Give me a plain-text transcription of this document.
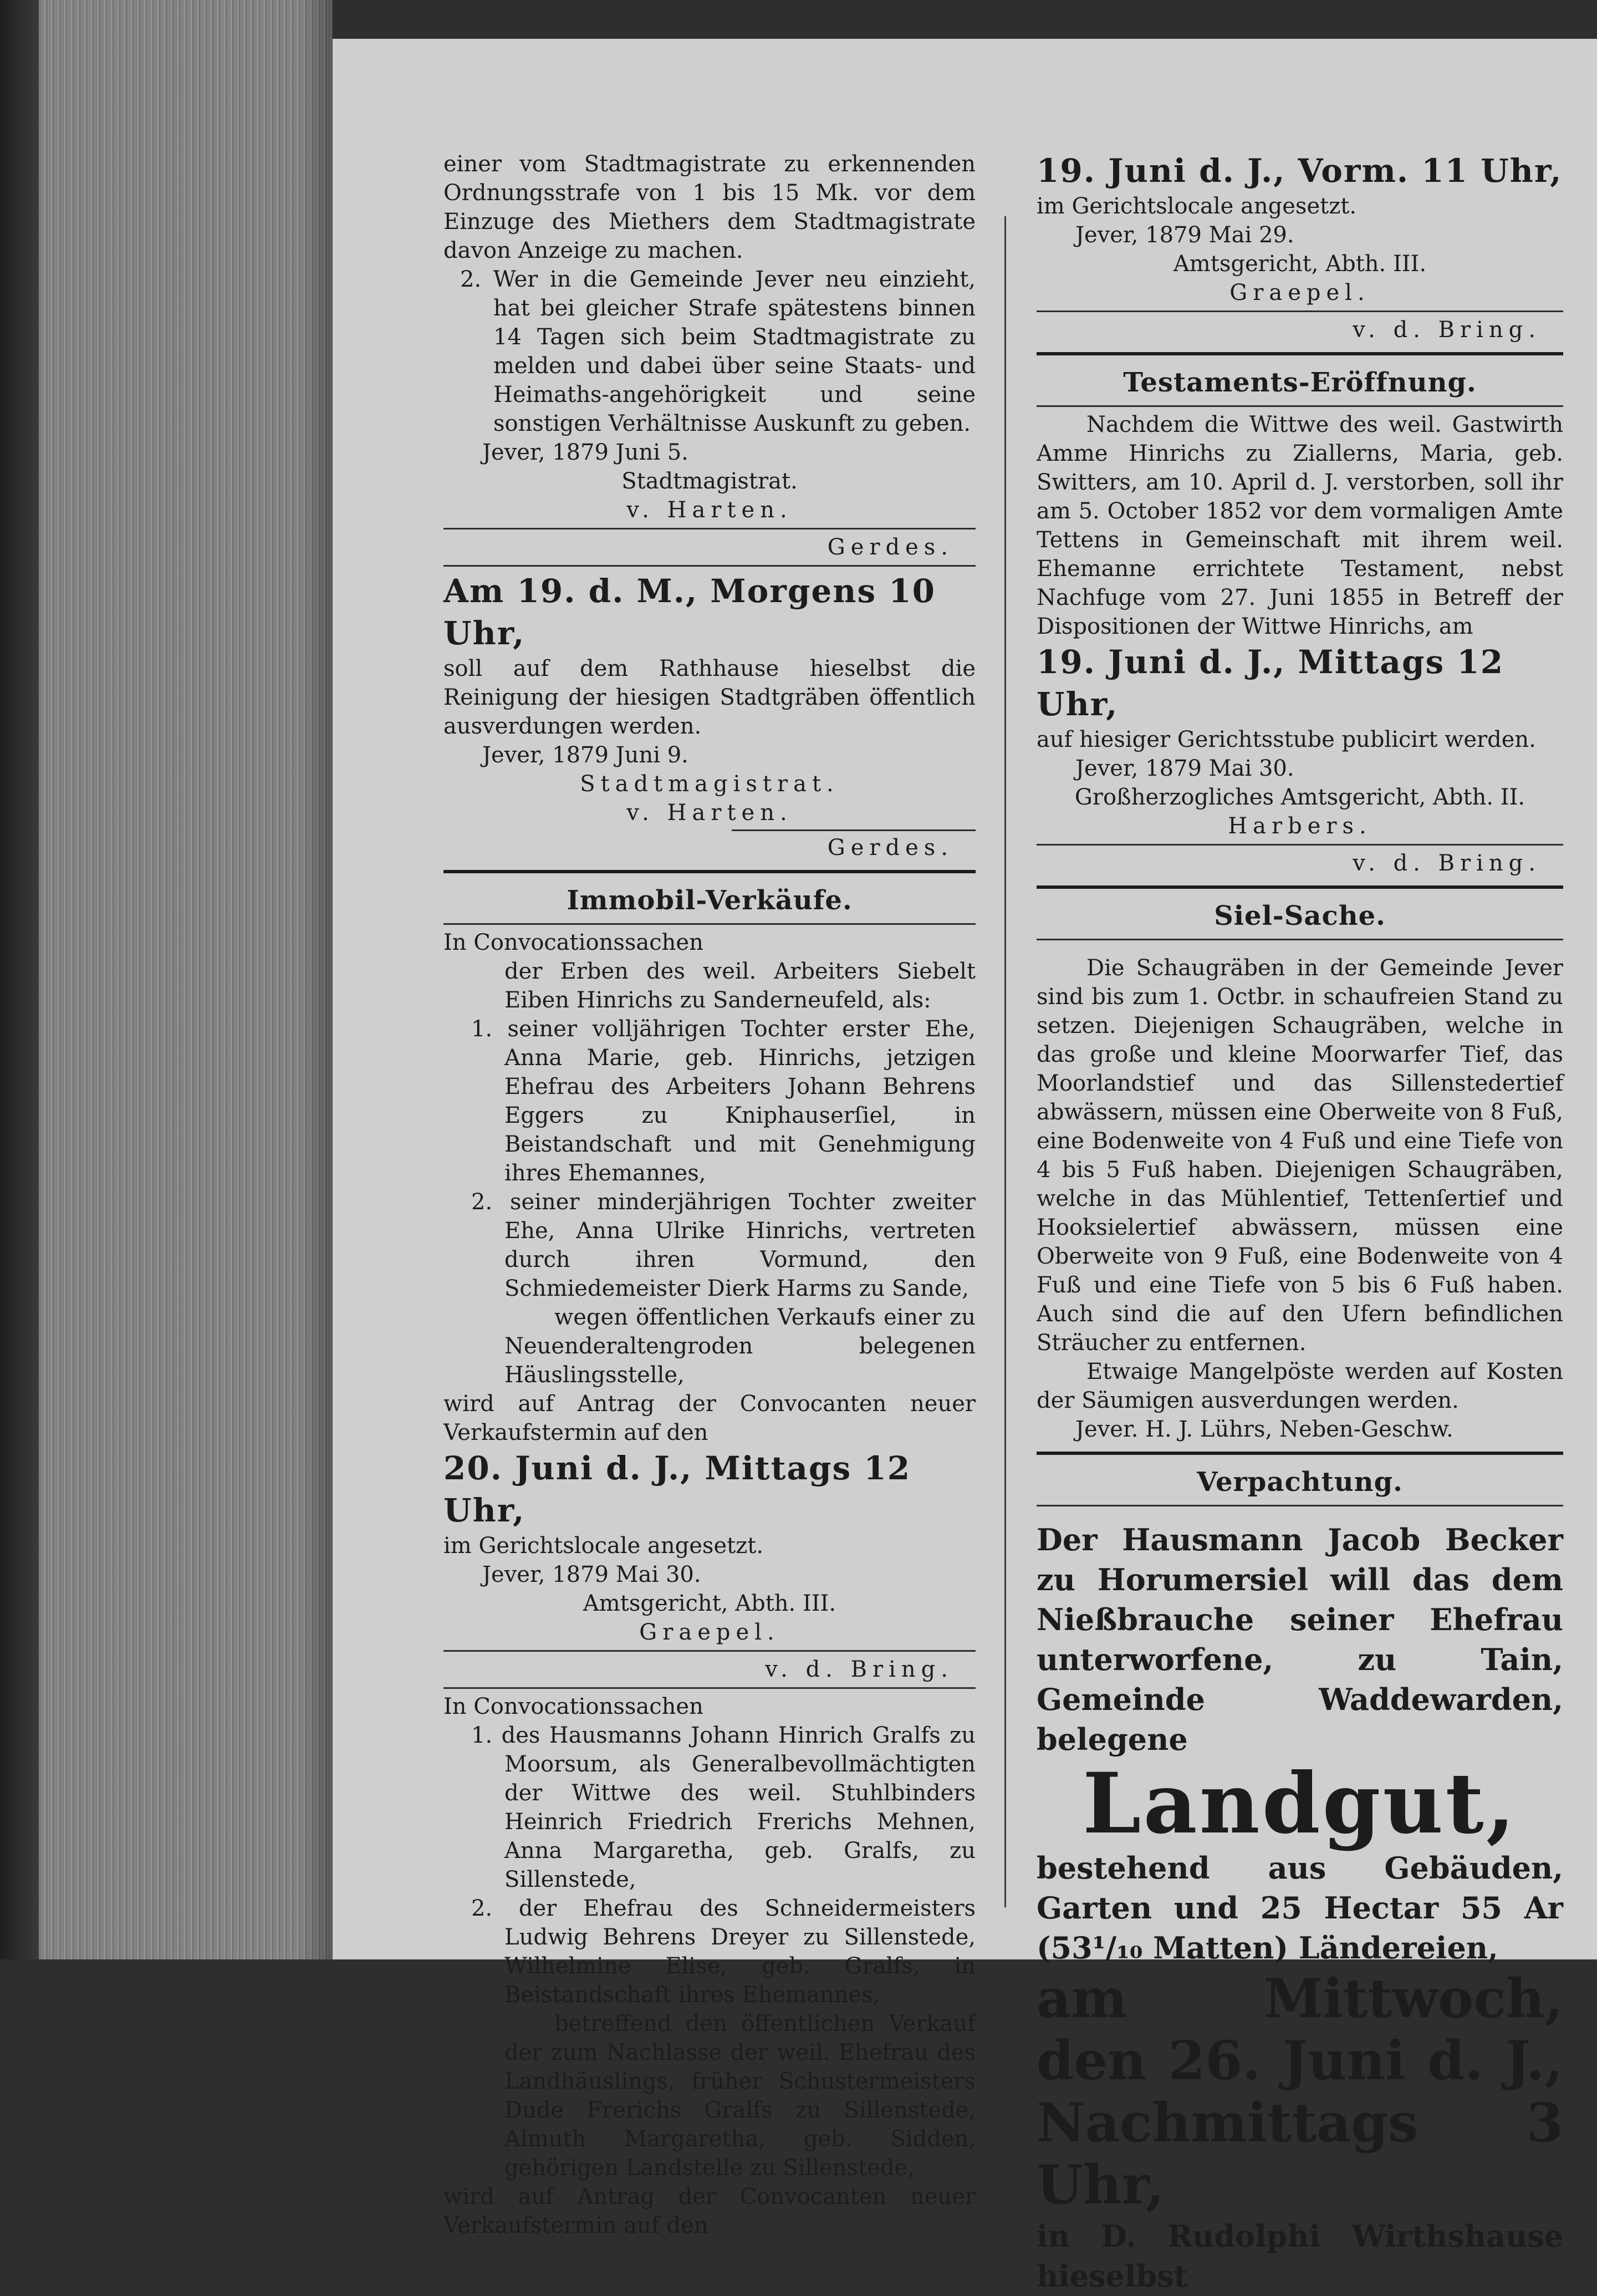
einer vom Stadtmagistrate zu erkennenden Ordnungsstrafe von 1 bis 15 Mk. vor dem Einzuge des Miethers dem Stadtmagistrate davon Anzeige zu machen.

2. Wer in die Gemeinde Jever neu einzieht, hat bei gleicher Strafe spätestens binnen 14 Tagen sich beim Stadtmagistrate zu melden und dabei über seine Staats- und Heimaths-angehörigkeit und seine sonstigen Verhältnisse Auskunft zu geben.

Jever, 1879 Juni 5.

Stadtmagistrat.

v. Harten.

Gerdes.

Am 19. d. M., Morgens 10 Uhr,

soll auf dem Rathhause hieselbst die Reinigung der hiesigen Stadtgräben öffentlich ausverdungen werden.

Jever, 1879 Juni 9.

Stadtmagistrat.

v. Harten.

Gerdes.

Immobil-Verkäufe.

In Convocationssachen

der Erben des weil. Arbeiters Siebelt Eiben Hinrichs zu Sanderneufeld, als:

1. seiner volljährigen Tochter erster Ehe, Anna Marie, geb. Hinrichs, jetzigen Ehefrau des Arbeiters Johann Behrens Eggers zu Kniphauserſiel, in Beistandschaft und mit Genehmigung ihres Ehemannes,

2. seiner minderjährigen Tochter zweiter Ehe, Anna Ulrike Hinrichs, vertreten durch ihren Vormund, den Schmiedemeister Dierk Harms zu Sande,

wegen öffentlichen Verkaufs einer zu Neuenderaltengroden belegenen Häuslingsstelle,

wird auf Antrag der Convocanten neuer Verkaufstermin auf den

20. Juni d. J., Mittags 12 Uhr,

im Gerichtslocale angesetzt.

Jever, 1879 Mai 30.

Amtsgericht, Abth. III.

Graepel.

v. d. Bring.

In Convocationssachen

1. des Hausmanns Johann Hinrich Gralfs zu Moorsum, als Generalbevollmächtigten der Wittwe des weil. Stuhlbinders Heinrich Friedrich Frerichs Mehnen, Anna Margaretha, geb. Gralfs, zu Sillenstede,

2. der Ehefrau des Schneidermeisters Ludwig Behrens Dreyer zu Sillenstede, Wilhelmine Elise, geb. Gralfs, in Beistandschaft ihres Ehemannes,

betreffend den öffentlichen Verkauf der zum Nachlasse der weil. Ehefrau des Landhäuslings, früher Schustermeisters Dude Frerichs Gralfs zu Sillenstede, Almuth Margaretha, geb. Sidden, gehörigen Landstelle zu Sillenstede,

wird auf Antrag der Convocanten neuer Verkaufstermin auf den

19. Juni d. J., Vorm. 11 Uhr,

im Gerichtslocale angesetzt.

Jever, 1879 Mai 29.

Amtsgericht, Abth. III.

Graepel.

v. d. Bring.

Testaments-Eröffnung.

Nachdem die Wittwe des weil. Gastwirth Amme Hinrichs zu Ziallerns, Maria, geb. Switters, am 10. April d. J. verstorben, soll ihr am 5. October 1852 vor dem vormaligen Amte Tettens in Gemeinschaft mit ihrem weil. Ehemanne errichtete Testament, nebst Nachfuge vom 27. Juni 1855 in Betreff der Dispositionen der Wittwe Hinrichs, am

19. Juni d. J., Mittags 12 Uhr,

auf hiesiger Gerichtsstube publicirt werden.

Jever, 1879 Mai 30.

Großherzogliches Amtsgericht, Abth. II.

Harbers.

v. d. Bring.

Siel-Sache.

Die Schaugräben in der Gemeinde Jever sind bis zum 1. Octbr. in schaufreien Stand zu setzen. Diejenigen Schaugräben, welche in das große und kleine Moorwarfer Tief, das Moorlandstief und das Sillenstedertief abwässern, müssen eine Oberweite von 8 Fuß, eine Bodenweite von 4 Fuß und eine Tiefe von 4 bis 5 Fuß haben. Diejenigen Schaugräben, welche in das Mühlentief, Tettenſertief und Hooksielertief abwässern, müssen eine Oberweite von 9 Fuß, eine Bodenweite von 4 Fuß und eine Tiefe von 5 bis 6 Fuß haben. Auch sind die auf den Ufern befindlichen Sträucher zu entfernen.

Etwaige Mangelpöste werden auf Kosten der Säumigen ausverdungen werden.

Jever. H. J. Lührs, Neben-Geschw.

Verpachtung.

Der Hausmann Jacob Becker zu Horumersiel will das dem Nießbrauche seiner Ehefrau unterworfene, zu Tain, Gemeinde Waddewarden, belegene

Landgut,

bestehend aus Gebäuden, Garten und 25 Hectar 55 Ar (53¹/₁₀ Matten) Ländereien,

am Mittwoch, den 26. Juni d. J., Nachmittags 3 Uhr,

in D. Rudolphi Wirthshause hieselbst
